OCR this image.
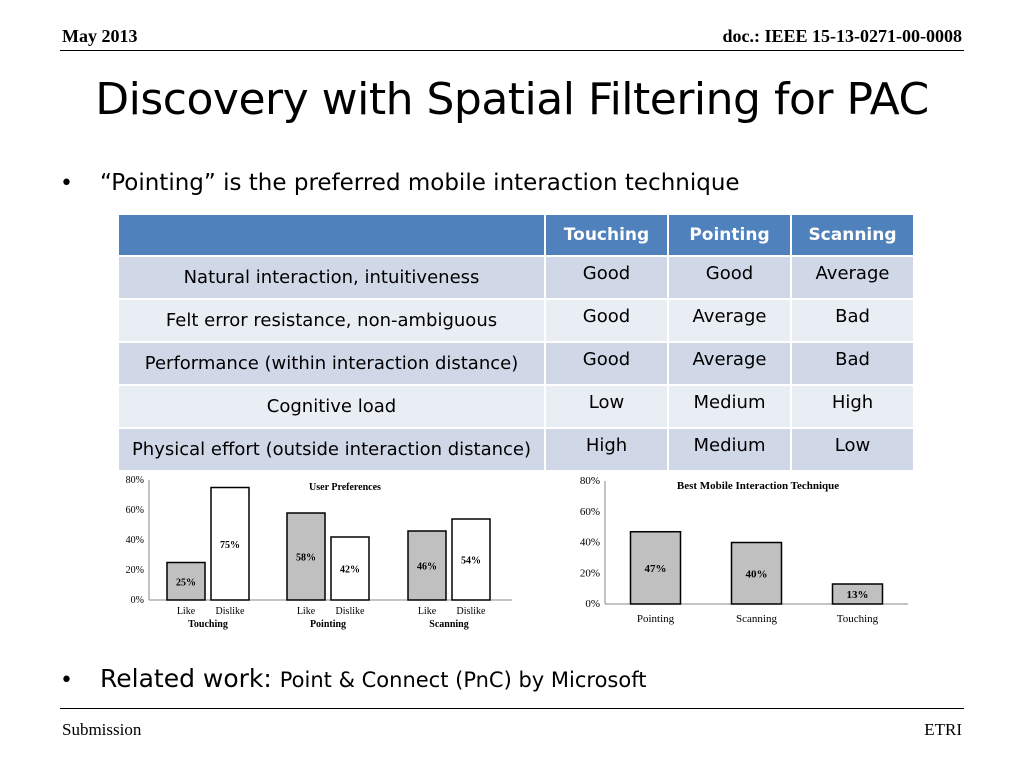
May 2013	doc.: IEEE 15-13-0271-00-0008
Discovery with Spatial Filtering for PAC
• “Pointing” is the preferred mobile interaction technique
	Touching	Pointing	Scanning
Natural interaction, intuitiveness	Good	Good	Average
Felt error resistance, non-ambiguous	Good	Average	Bad
Performance (within interaction distance)	Good	Average	Bad
Cognitive load	Low	Medium	High
Physical effort (outside interaction distance)	High	Medium	Low
0%
20%
40%
60%
80%
User Preferences
25%
Like
75%
Dislike
Touching
58%
Like
42%
Dislike
Pointing
46%
Like
54%
Dislike
Scanning
0%
20%
40%
60%
80%	Best Mobile Interaction Technique
47%
Pointing
40%
Scanning
13%
Touching
• Related work: Point & Connect (PnC) by Microsoft
Submission	ETRI
